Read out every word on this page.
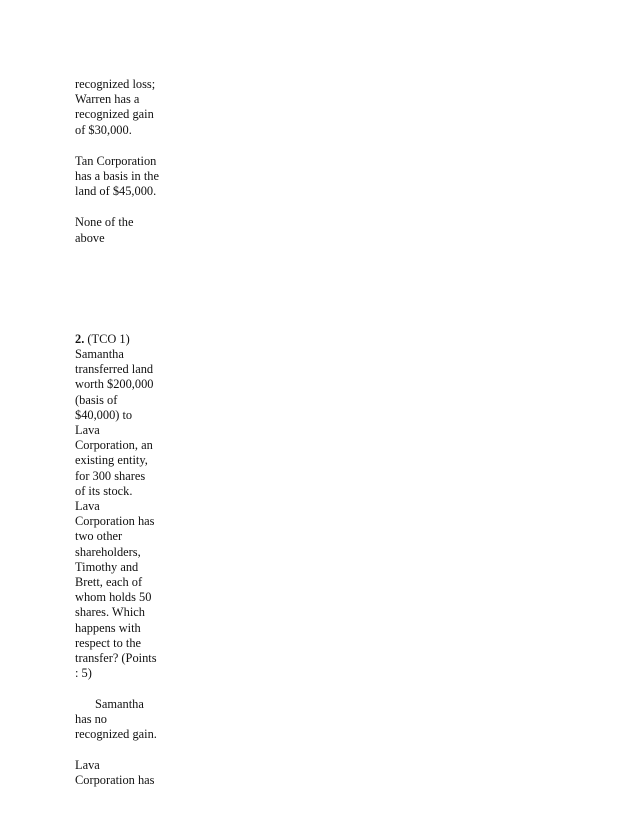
recognized loss;
Warren has a
recognized gain
of $30,000.

Tan Corporation
has a basis in the
land of $45,000.

None of the
above

2. (TCO 1)

Samantha
transferred land
worth $200,000
(basis of
$40,000) to
Lava
Corporation, an
existing entity,
for 300 shares
of its stock.
Lava
Corporation has
two other
shareholders,
Timothy and
Brett, each of
whom holds 50
shares. Which
happens with
respect to the
transfer? (Points
: 5)

Samantha

has no
recognized gain.

Lava
Corporation has
